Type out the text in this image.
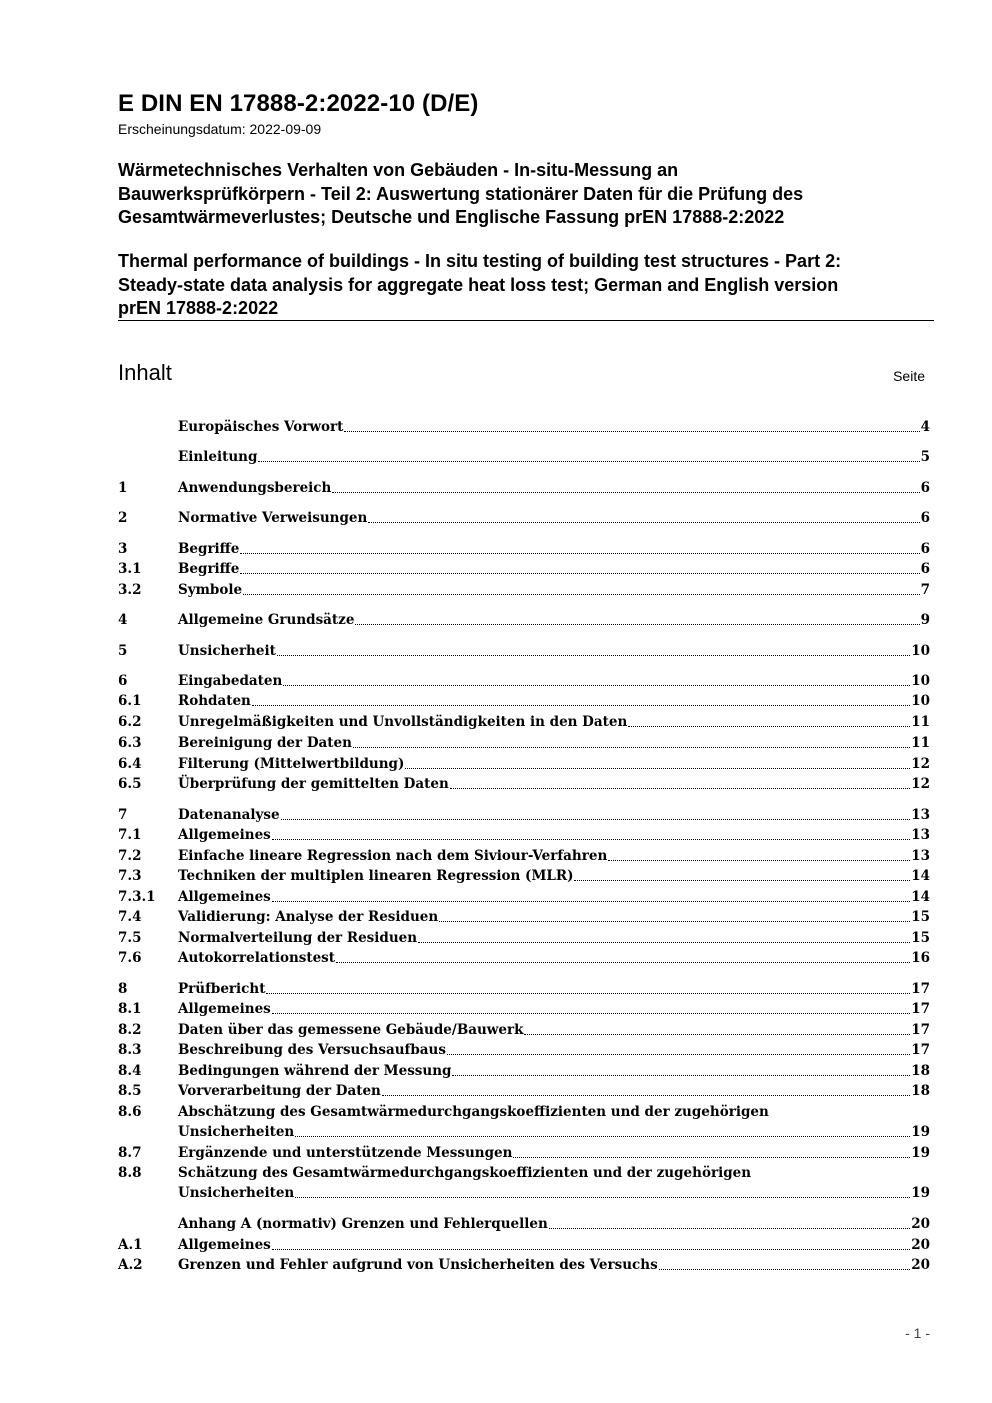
E DIN EN 17888-2:2022-10 (D/E)
Erscheinungsdatum: 2022-09-09
Wärmetechnisches Verhalten von Gebäuden - In-situ-Messung an
Bauwerksprüfkörpern - Teil 2: Auswertung stationärer Daten für die Prüfung des
Gesamtwärmeverlustes; Deutsche und Englische Fassung prEN 17888-2:2022
Thermal performance of buildings - In situ testing of building test structures - Part 2:
Steady-state data analysis for aggregate heat loss test; German and English version
prEN 17888-2:2022
Inhalt	Seite
Europäisches Vorwort	4
Einleitung	5
1	Anwendungsbereich	6
2	Normative Verweisungen	6
3	Begriffe	6
3.1	Begriffe	6
3.2	Symbole	7
4	Allgemeine Grundsätze	9
5	Unsicherheit	10
6	Eingabedaten	10
6.1	Rohdaten	10
6.2	Unregelmäßigkeiten und Unvollständigkeiten in den Daten	11
6.3	Bereinigung der Daten	11
6.4	Filterung (Mittelwertbildung)	12
6.5	Überprüfung der gemittelten Daten	12
7	Datenanalyse	13
7.1	Allgemeines	13
7.2	Einfache lineare Regression nach dem Siviour-Verfahren	13
7.3	Techniken der multiplen linearen Regression (MLR)	14
7.3.1	Allgemeines	14
7.4	Validierung: Analyse der Residuen	15
7.5	Normalverteilung der Residuen	15
7.6	Autokorrelationstest	16
8	Prüfbericht	17
8.1	Allgemeines	17
8.2	Daten über das gemessene Gebäude/Bauwerk	17
8.3	Beschreibung des Versuchsaufbaus	17
8.4	Bedingungen während der Messung	18
8.5	Vorverarbeitung der Daten	18
8.6	Abschätzung des Gesamtwärmedurchgangskoeffizienten und der zugehörigen
Unsicherheiten	19
8.7	Ergänzende und unterstützende Messungen	19
8.8	Schätzung des Gesamtwärmedurchgangskoeffizienten und der zugehörigen
Unsicherheiten	19
Anhang A (normativ) Grenzen und Fehlerquellen	20
A.1	Allgemeines	20
A.2	Grenzen und Fehler aufgrund von Unsicherheiten des Versuchs	20
- 1 -
